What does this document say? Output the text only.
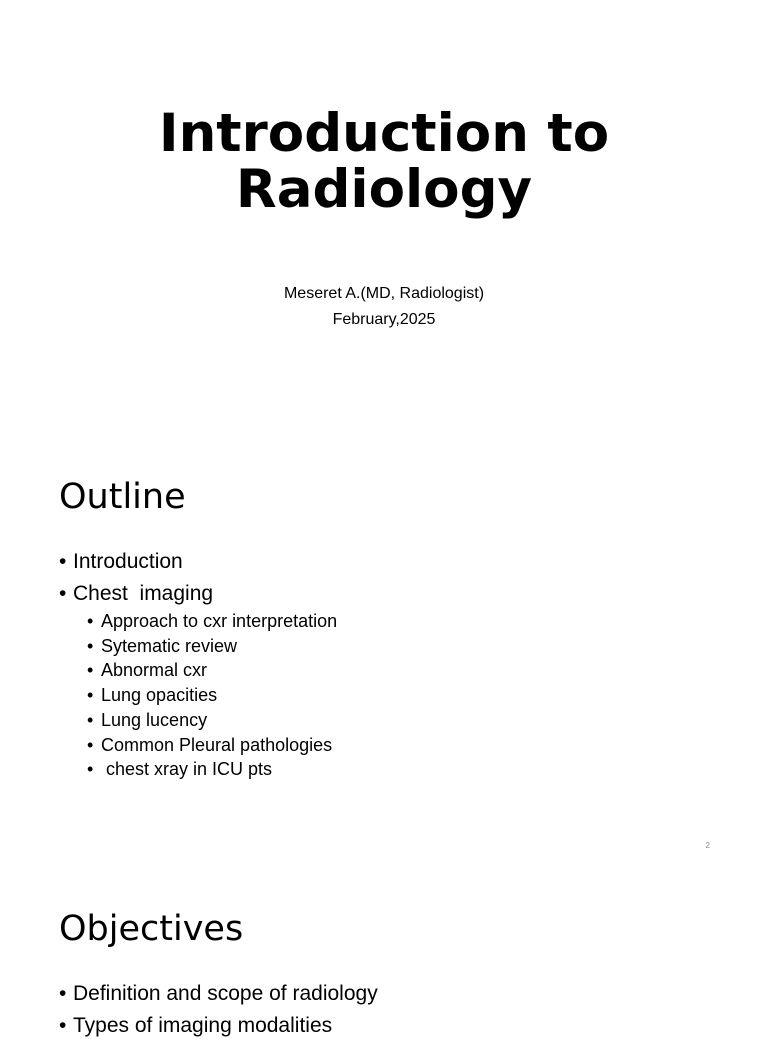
Introduction to Radiology
Meseret A.(MD, Radiologist)
February,2025
Outline
• Introduction
• Chest  imaging
• Approach to cxr interpretation
• Sytematic review
• Abnormal cxr
• Lung opacities
• Lung lucency
• Common Pleural pathologies
•  chest xray in ICU pts
2
Objectives
• Definition and scope of radiology
• Types of imaging modalities
